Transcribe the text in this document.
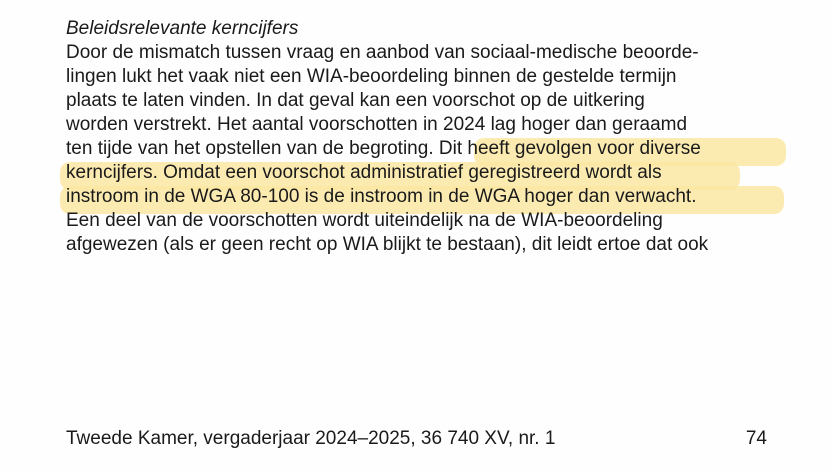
Beleidsrelevante kerncijfers
Door de mismatch tussen vraag en aanbod van sociaal-medische beoorde-
lingen lukt het vaak niet een WIA-beoordeling binnen de gestelde termijn
plaats te laten vinden. In dat geval kan een voorschot op de uitkering
worden verstrekt. Het aantal voorschotten in 2024 lag hoger dan geraamd
ten tijde van het opstellen van de begroting. Dit heeft gevolgen voor diverse
kerncijfers. Omdat een voorschot administratief geregistreerd wordt als
instroom in de WGA 80-100 is de instroom in de WGA hoger dan verwacht.
Een deel van de voorschotten wordt uiteindelijk na de WIA-beoordeling
afgewezen (als er geen recht op WIA blijkt te bestaan), dit leidt ertoe dat ook
Tweede Kamer, vergaderjaar 2024–2025, 36 740 XV, nr. 1	74
